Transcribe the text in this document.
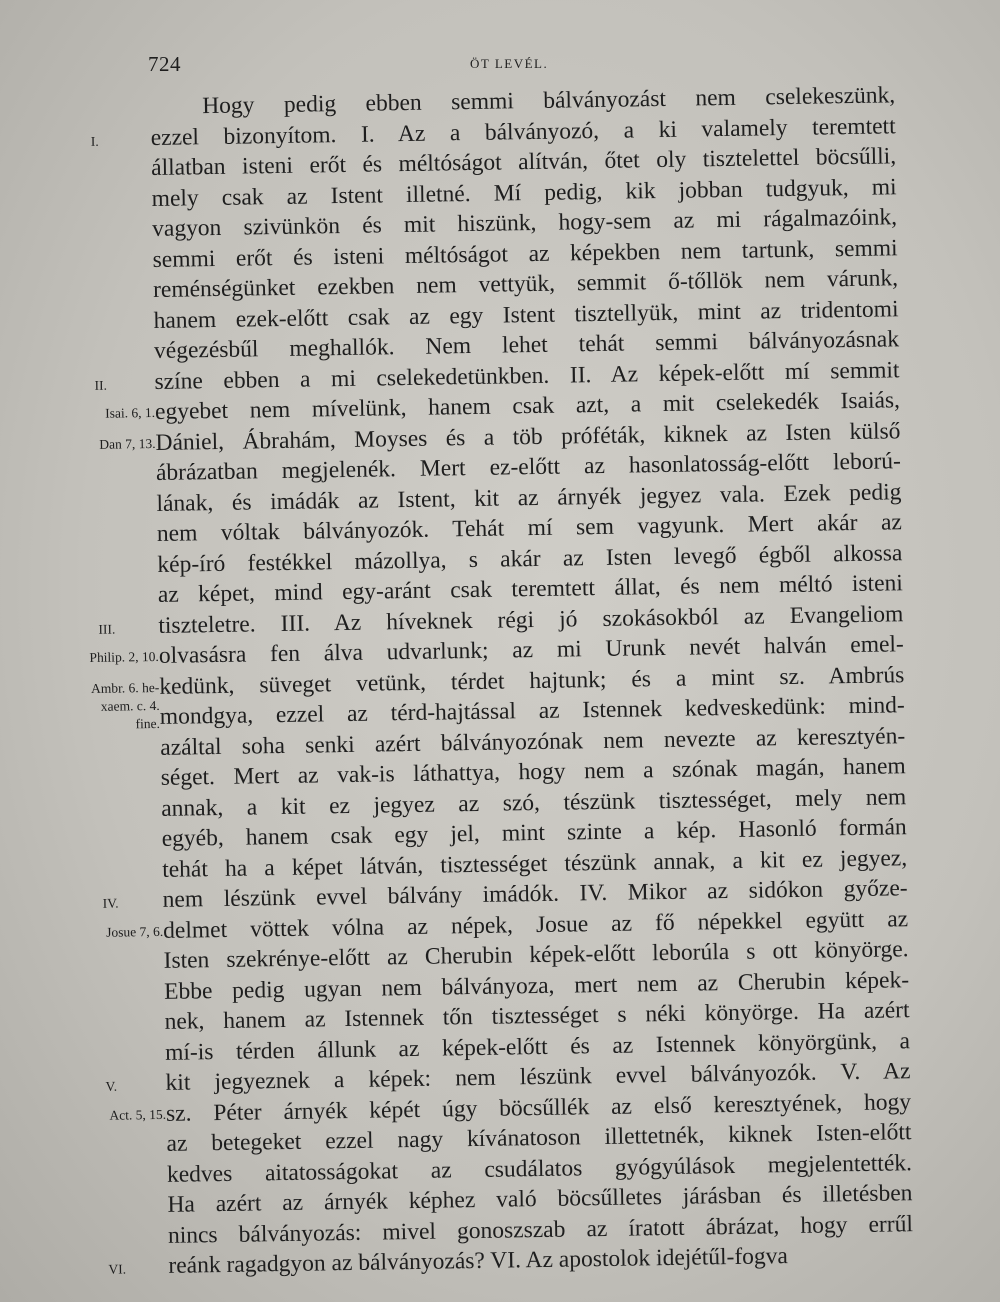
724	ÖT LEVÉL.
I.
II.
Isai. 6, 1.
Dan 7, 13.
III.
Philip. 2, 10.
Ambr. 6. he-
xaem. c. 4.
fine.
IV.
Josue 7, 6.
V.
Act. 5, 15.
VI.
Hogy pedig ebben semmi bálványozást nem cselekeszünk,
ezzel bizonyítom. I. Az a bálványozó, a ki valamely teremtett
állatban isteni erőt és méltóságot alítván, őtet oly tisztelettel böcsűlli,
mely csak az Istent illetné. Mí pedig, kik jobban tudgyuk, mi
vagyon szivünkön és mit hiszünk, hogy-sem az mi rágalmazóink,
semmi erőt és isteni méltóságot az képekben nem tartunk, semmi
reménségünket ezekben nem vettyük, semmit ő-tőllök nem várunk,
hanem ezek-előtt csak az egy Istent tisztellyük, mint az tridentomi
végezésbűl meghallók. Nem lehet tehát semmi bálványozásnak
színe ebben a mi cselekedetünkben. II. Az képek-előtt mí semmit
egyebet nem mívelünk, hanem csak azt, a mit cselekedék Isaiás,
Dániel, Ábrahám, Moyses és a töb próféták, kiknek az Isten külső
ábrázatban megjelenék. Mert ez-előtt az hasonlatosság-előtt leború-
lának, és imádák az Istent, kit az árnyék jegyez vala. Ezek pedig
nem vóltak bálványozók. Tehát mí sem vagyunk. Mert akár az
kép-író festékkel mázollya, s akár az Isten levegő égből alkossa
az képet, mind egy-aránt csak teremtett állat, és nem méltó isteni
tiszteletre. III. Az híveknek régi jó szokásokból az Evangeliom
olvasásra fen álva udvarlunk; az mi Urunk nevét halván emel-
kedünk, süveget vetünk, térdet hajtunk; és a mint sz. Ambrús
mondgya, ezzel az térd-hajtással az Istennek kedveskedünk: mind-
azáltal soha senki azért bálványozónak nem nevezte az keresztyén-
séget. Mert az vak-is láthattya, hogy nem a szónak magán, hanem
annak, a kit ez jegyez az szó, tészünk tisztességet, mely nem
egyéb, hanem csak egy jel, mint szinte a kép. Hasonló formán
tehát ha a képet látván, tisztességet tészünk annak, a kit ez jegyez,
nem lészünk evvel bálvány imádók. IV. Mikor az sidókon győze-
delmet vöttek vólna az népek, Josue az fő népekkel együtt az
Isten szekrénye-előtt az Cherubin képek-előtt leborúla s ott könyörge.
Ebbe pedig ugyan nem bálványoza, mert nem az Cherubin képek-
nek, hanem az Istennek tőn tisztességet s néki könyörge. Ha azért
mí-is térden állunk az képek-előtt és az Istennek könyörgünk, a
kit jegyeznek a képek: nem lészünk evvel bálványozók. V. Az
sz. Péter árnyék képét úgy böcsűllék az első keresztyének, hogy
az betegeket ezzel nagy kívánatoson illettetnék, kiknek Isten-előtt
kedves aitatosságokat az csudálatos gyógyúlások megjelentették.
Ha azért az árnyék képhez való böcsűlletes járásban és illetésben
nincs bálványozás: mivel gonoszszab az íratott ábrázat, hogy errűl
reánk ragadgyon az bálványozás? VI. Az apostolok idejétűl-fogva
